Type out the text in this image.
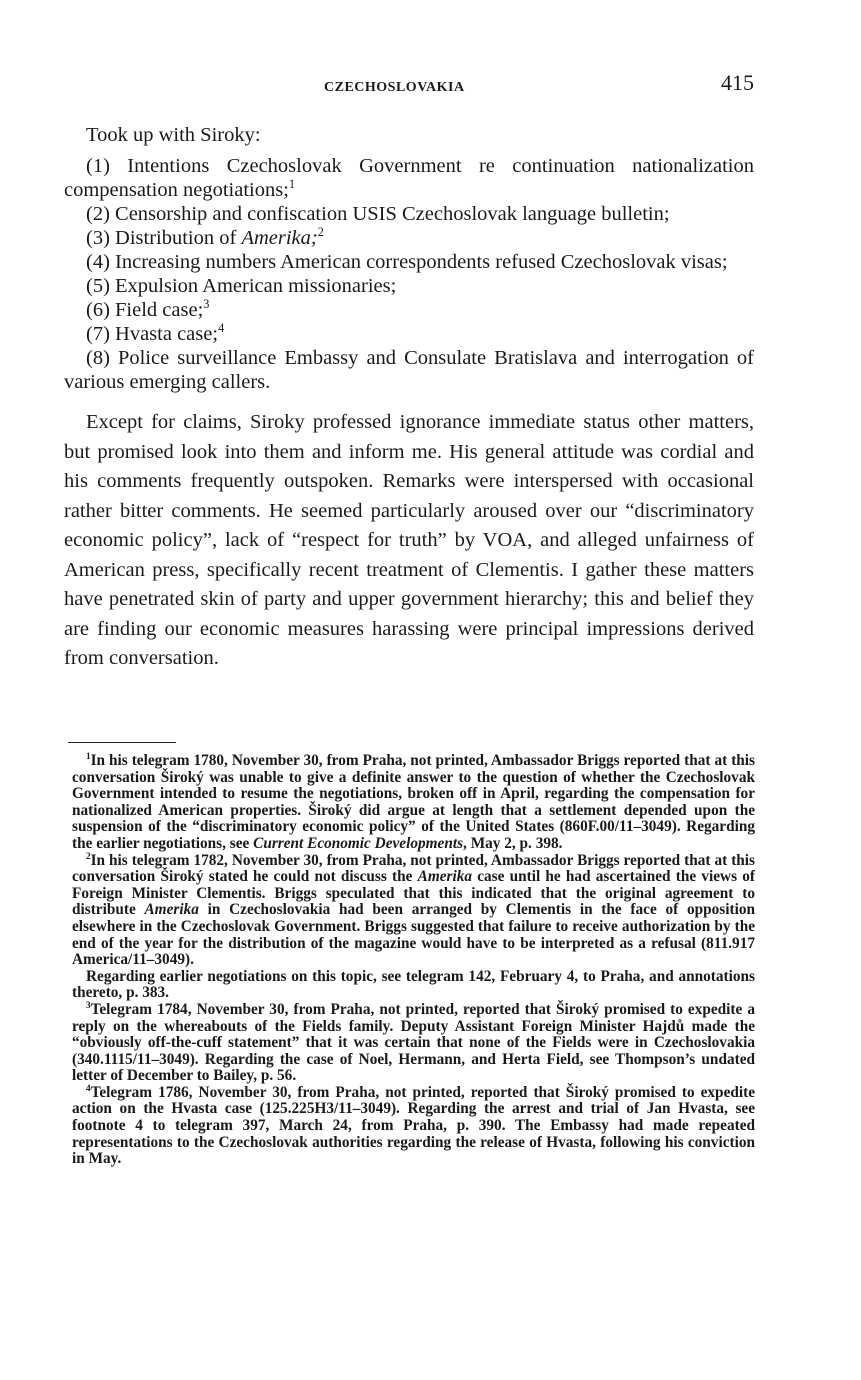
CZECHOSLOVAKIA	415

Took up with Siroky:

(1) Intentions Czechoslovak Government re continuation nationalization compensation negotiations;$^1$

(2) Censorship and confiscation USIS Czechoslovak language bulletin;

(3) Distribution of Amerika;$^2$

(4) Increasing numbers American correspondents refused Czechoslovak visas;

(5) Expulsion American missionaries;

(6) Field case;$^3$

(7) Hvasta case;$^4$

(8) Police surveillance Embassy and Consulate Bratislava and interrogation of various emerging callers.

Except for claims, Siroky professed ignorance immediate status other matters, but promised look into them and inform me. His general attitude was cordial and his comments frequently outspoken. Remarks were interspersed with occasional rather bitter comments. He seemed particularly aroused over our “discriminatory economic policy”, lack of “respect for truth” by VOA, and alleged unfairness of American press, specifically recent treatment of Clementis. I gather these matters have penetrated skin of party and upper government hierarchy; this and belief they are finding our economic measures harassing were principal impressions derived from conversation.

$^1$In his telegram 1780, November 30, from Praha, not printed, Ambassador Briggs reported that at this conversation Široký was unable to give a definite answer to the question of whether the Czechoslovak Government intended to resume the negotiations, broken off in April, regarding the compensation for nationalized American properties. Široký did argue at length that a settlement depended upon the suspension of the “discriminatory economic policy” of the United States (860F.00/11–3049). Regarding the earlier negotiations, see Current Economic Developments, May 2, p. 398.

$^2$In his telegram 1782, November 30, from Praha, not printed, Ambassador Briggs reported that at this conversation Široký stated he could not discuss the Amerika case until he had ascertained the views of Foreign Minister Clementis. Briggs speculated that this indicated that the original agreement to distribute Amerika in Czechoslovakia had been arranged by Clementis in the face of opposition elsewhere in the Czechoslovak Government. Briggs suggested that failure to receive authorization by the end of the year for the distribution of the magazine would have to be interpreted as a refusal (811.917 America/11–3049).

Regarding earlier negotiations on this topic, see telegram 142, February 4, to Praha, and annotations thereto, p. 383.

$^3$Telegram 1784, November 30, from Praha, not printed, reported that Široký promised to expedite a reply on the whereabouts of the Fields family. Deputy Assistant Foreign Minister Hajdů made the “obviously off-the-cuff statement” that it was certain that none of the Fields were in Czechoslovakia (340.1115/11–3049). Regarding the case of Noel, Hermann, and Herta Field, see Thompson’s undated letter of December to Bailey, p. 56.

$^4$Telegram 1786, November 30, from Praha, not printed, reported that Široký promised to expedite action on the Hvasta case (125.225H3/11–3049). Regarding the arrest and trial of Jan Hvasta, see footnote 4 to telegram 397, March 24, from Praha, p. 390. The Embassy had made repeated representations to the Czechoslovak authorities regarding the release of Hvasta, following his conviction in May.
